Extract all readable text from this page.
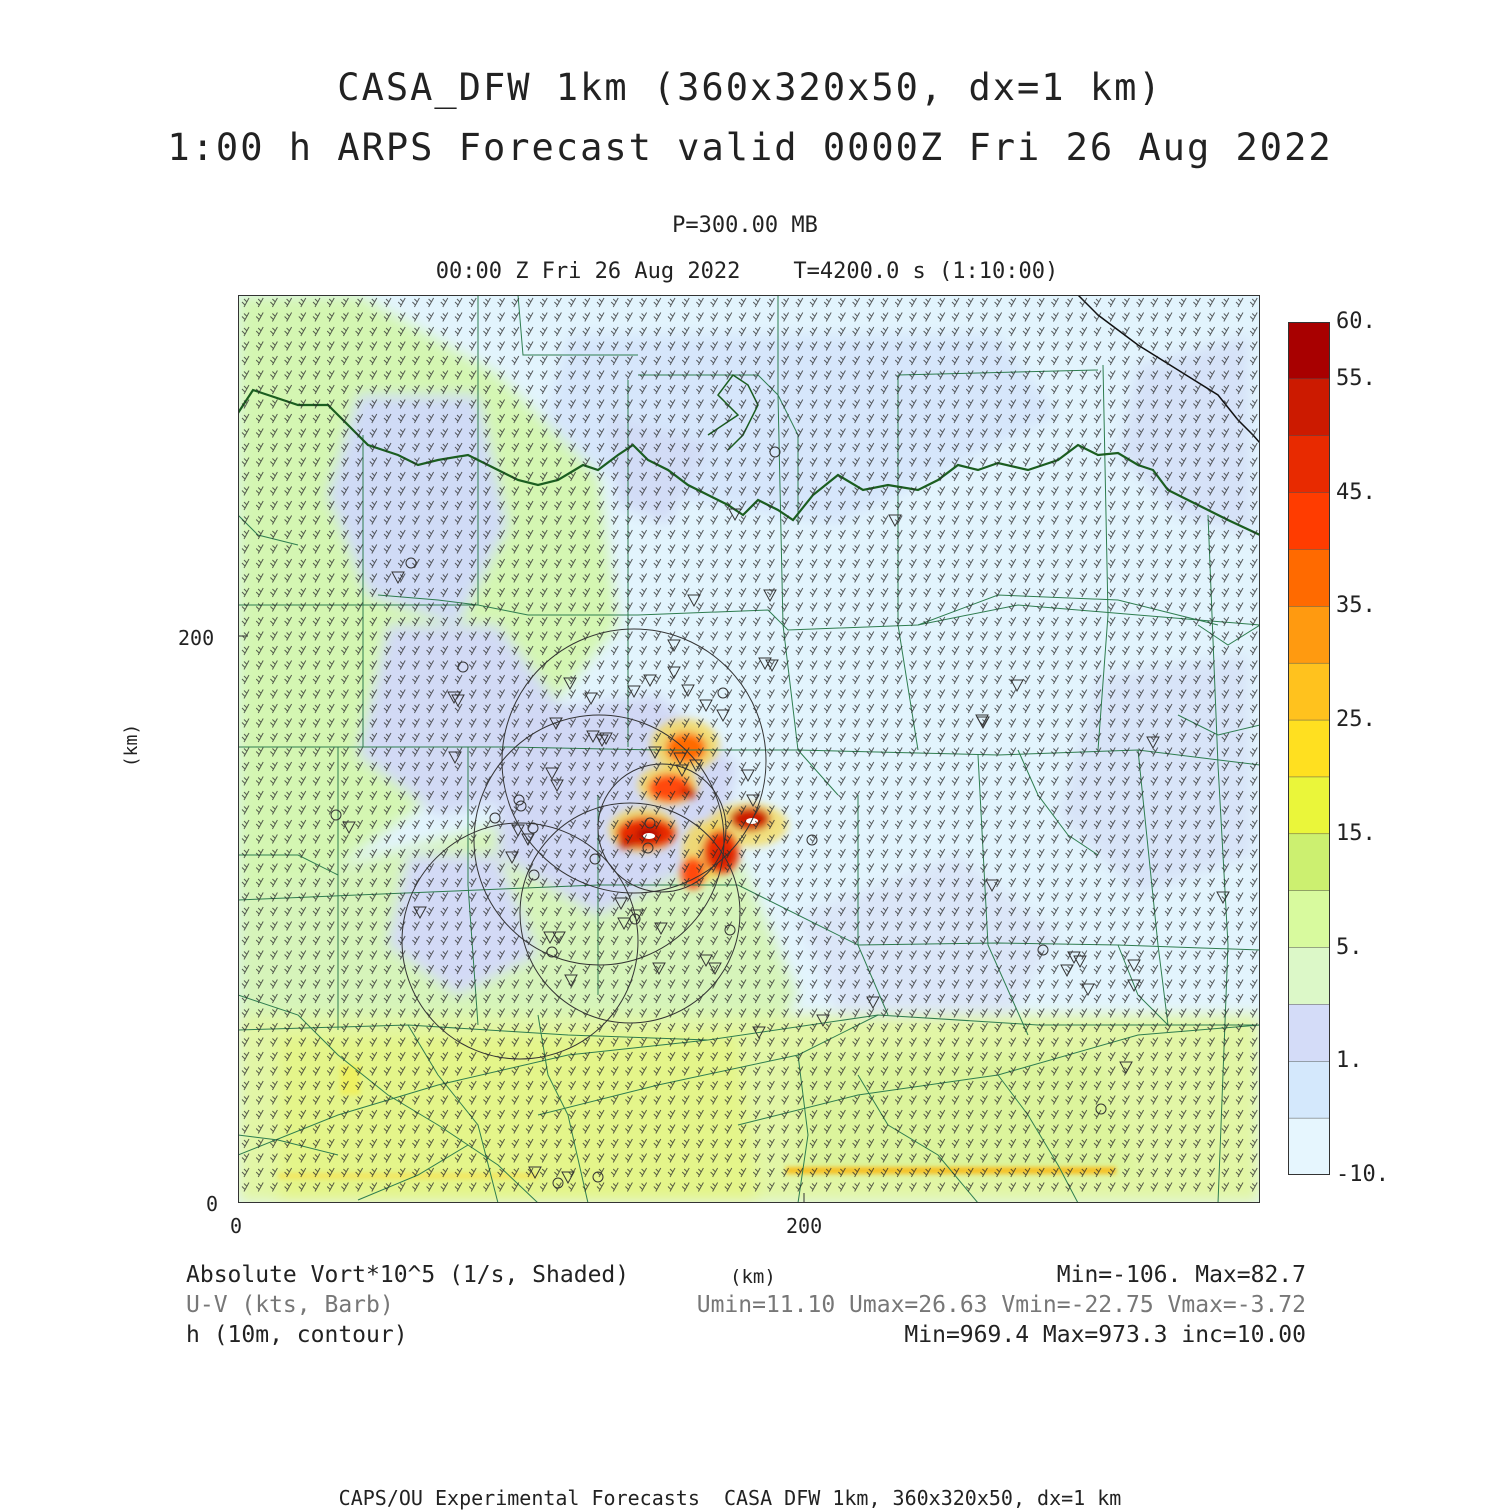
CASA_DFW 1km (360x320x50, dx=1 km)
1:00 h ARPS Forecast valid 0000Z Fri 26 Aug 2022
P=300.00 MB
00:00 Z Fri 26 Aug 2022    T=4200.0 s (1:10:00)
200
0
0	200
(km)
(km)
60.
55.
45.
35.
25.
15.
5.
1.
-10.
Absolute Vort*10^5 (1/s, Shaded)
U-V (kts, Barb)
h (10m, contour)
Min=-106. Max=82.7
Umin=11.10 Umax=26.63 Vmin=-22.75 Vmax=-3.72
Min=969.4 Max=973.3 inc=10.00
CAPS/OU Experimental Forecasts  CASA DFW 1km, 360x320x50, dx=1 km
